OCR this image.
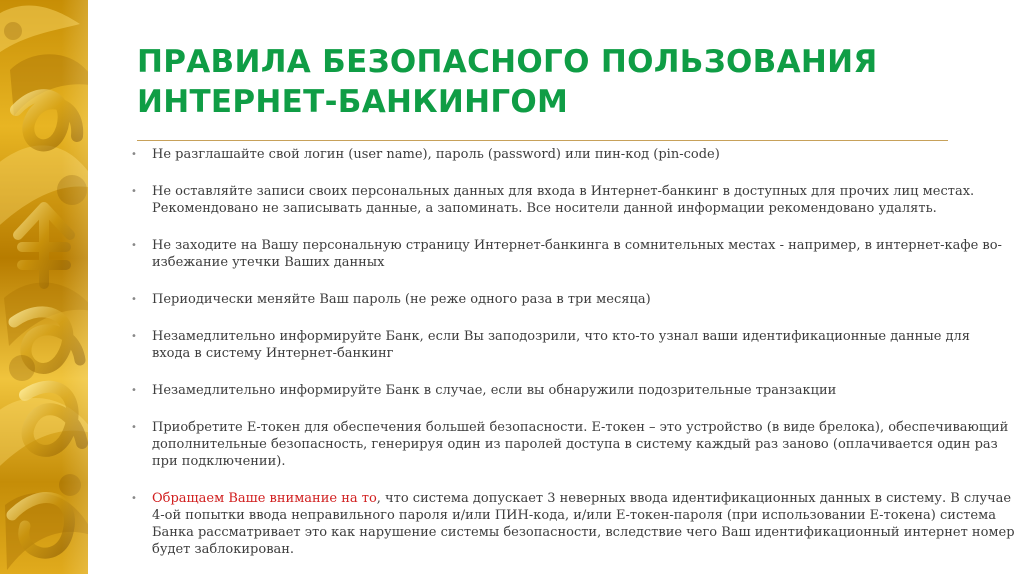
ПРАВИЛА БЕЗОПАСНОГО ПОЛЬЗОВАНИЯ
ИНТЕРНЕТ-БАНКИНГОМ
• Не разглашайте свой логин (user name), пароль (password) или пин-код (pin-code)
• Не оставляйте записи своих персональных данных для входа в Интернет-банкинг в доступных для прочих лиц местах.
Рекомендовано не записывать данные, а запоминать. Все носители данной информации рекомендовано удалять.
• Не заходите на Вашу персональную страницу Интернет-банкинга в сомнительных местах - например, в интернет-кафе во-
избежание утечки Ваших данных
• Периодически меняйте Ваш пароль (не реже одного раза в три месяца)
• Незамедлительно информируйте Банк, если Вы заподозрили, что кто-то узнал ваши идентификационные данные для
входа в систему Интернет-банкинг
• Незамедлительно информируйте Банк в случае, если вы обнаружили подозрительные транзакции
• Приобретите Е-токен для обеспечения большей безопасности. Е-токен – это устройство (в виде брелока), обеспечивающий
дополнительные безопасность, генерируя один из паролей доступа в систему каждый раз заново (оплачивается один раз
при подключении).
• Обращаем Ваше внимание на то, что система допускает 3 неверных ввода идентификационных данных в систему. В случае
4-ой попытки ввода неправильного пароля и/или ПИН-кода, и/или Е-токен-пароля (при использовании Е-токена) система
Банка рассматривает это как нарушение системы безопасности, вследствие чего Ваш идентификационный интернет номер
будет заблокирован.
